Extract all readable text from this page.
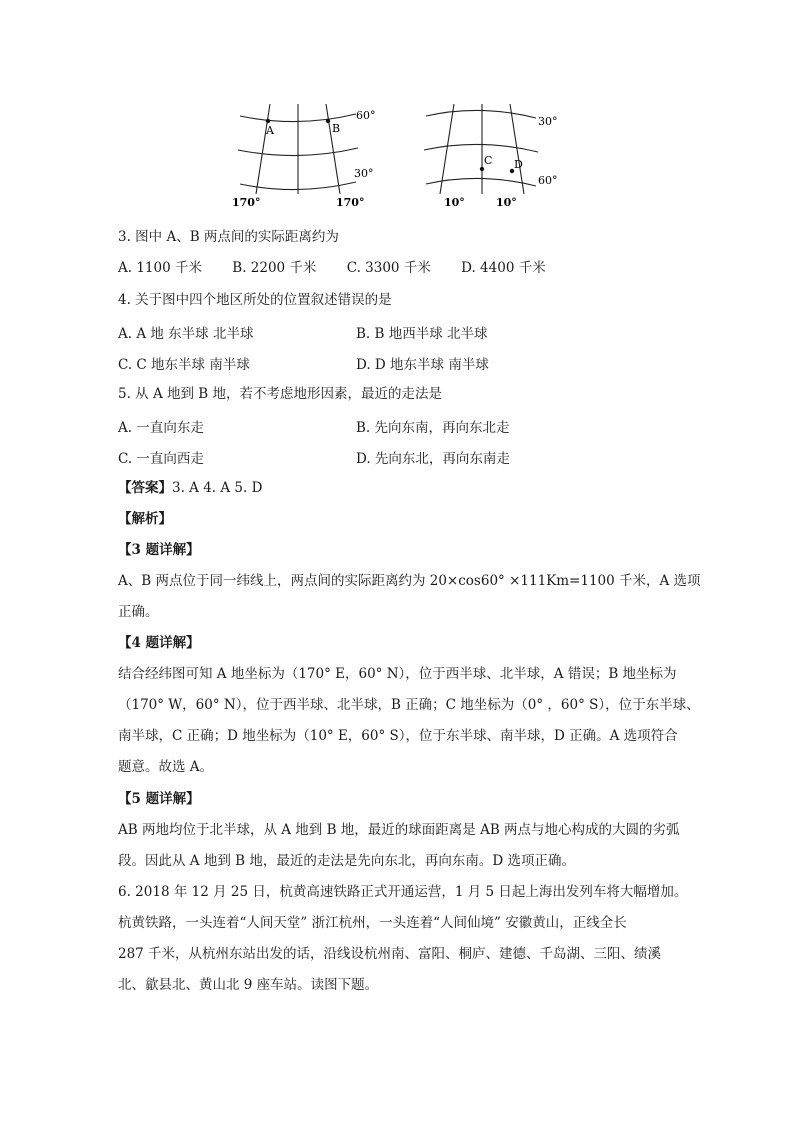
A	B
60°
30°
170°	170°
C D
30°
60°
10°	10°
3. 图中 A、B 两点间的实际距离约为
A. 1100 千米 B. 2200 千米 C. 3300 千米 D. 4400 千米
4. 关于图中四个地区所处的位置叙述错误的是
A. A 地 东半球 北半球	B. B 地西半球 北半球
C. C 地东半球 南半球	D. D 地东半球 南半球
5. 从 A 地到 B 地，若不考虑地形因素，最近的走法是
A. 一直向东走	B. 先向东南，再向东北走
C. 一直向西走	D. 先向东北，再向东南走
【答案】3. A 4. A 5. D
【解析】
【3 题详解】
A、B 两点位于同一纬线上，两点间的实际距离约为 20×cos60° ×111Km=1100 千米，A 选项
正确。
【4 题详解】
结合经纬图可知 A 地坐标为（170° E，60° N），位于西半球、北半球，A 错误；B 地坐标为
（170° W，60° N），位于西半球、北半球，B 正确；C 地坐标为（0° ，60° S），位于东半球、
南半球，C 正确；D 地坐标为（10° E，60° S），位于东半球、南半球，D 正确。A 选项符合
题意。故选 A。
【5 题详解】
AB 两地均位于北半球，从 A 地到 B 地，最近的球面距离是 AB 两点与地心构成的大圆的劣弧
段。因此从 A 地到 B 地，最近的走法是先向东北，再向东南。D 选项正确。
6. 2018 年 12 月 25 日，杭黄高速铁路正式开通运营，1 月 5 日起上海出发列车将大幅增加。
杭黄铁路，一头连着“人间天堂” 浙江杭州，一头连着“人间仙境” 安徽黄山，正线全长
287 千米，从杭州东站出发的话，沿线设杭州南、富阳、桐庐、建德、千岛湖、三阳、绩溪
北、歙县北、黄山北 9 座车站。读图下题。
